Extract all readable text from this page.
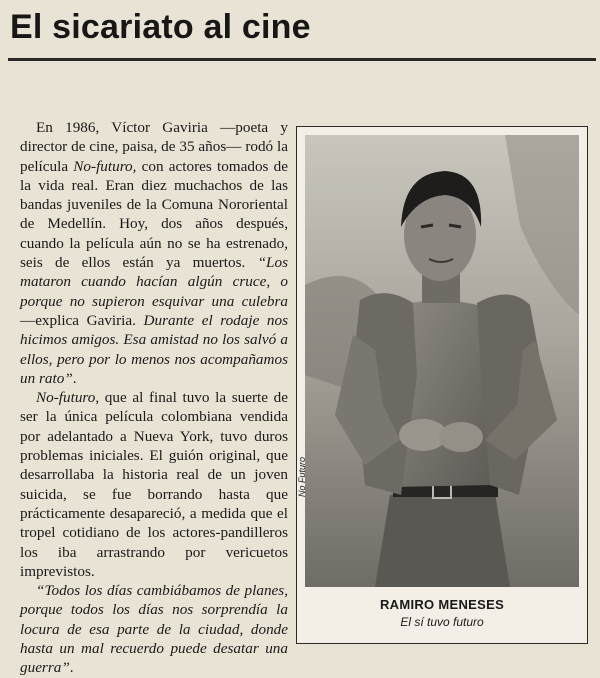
El sicariato al cine

En 1986, Víctor Gaviria —poeta y director de cine, paisa, de 35 años— rodó la película No-futuro, con actores tomados de la vida real. Eran diez muchachos de las bandas juveniles de la Comuna Nororiental de Medellín. Hoy, dos años después, cuando la película aún no se ha estrenado, seis de ellos están ya muertos. “Los mataron cuando hacían algún cruce, o porque no supieron esquivar una culebra —explica Gaviria. Durante el rodaje nos hicimos amigos. Esa amistad no los salvó a ellos, pero por lo menos nos acompañamos un rato”.

No-futuro, que al final tuvo la suerte de ser la única película colombiana vendida por adelantado a Nueva York, tuvo duros problemas iniciales. El guión original, que desarrollaba la historia real de un joven suicida, se fue borrando hasta que prácticamente desapareció, a medida que el tropel cotidiano de los actores-pandilleros los iba arrastrando por vericuetos imprevistos.

“Todos los días cambiábamos de planes, porque todos los días nos sorprendía la locura de esa parte de la ciudad, donde hasta un mal recuerdo puede desatar una guerra”.

No Futuro
RAMIRO MENESES
El sí tuvo futuro
